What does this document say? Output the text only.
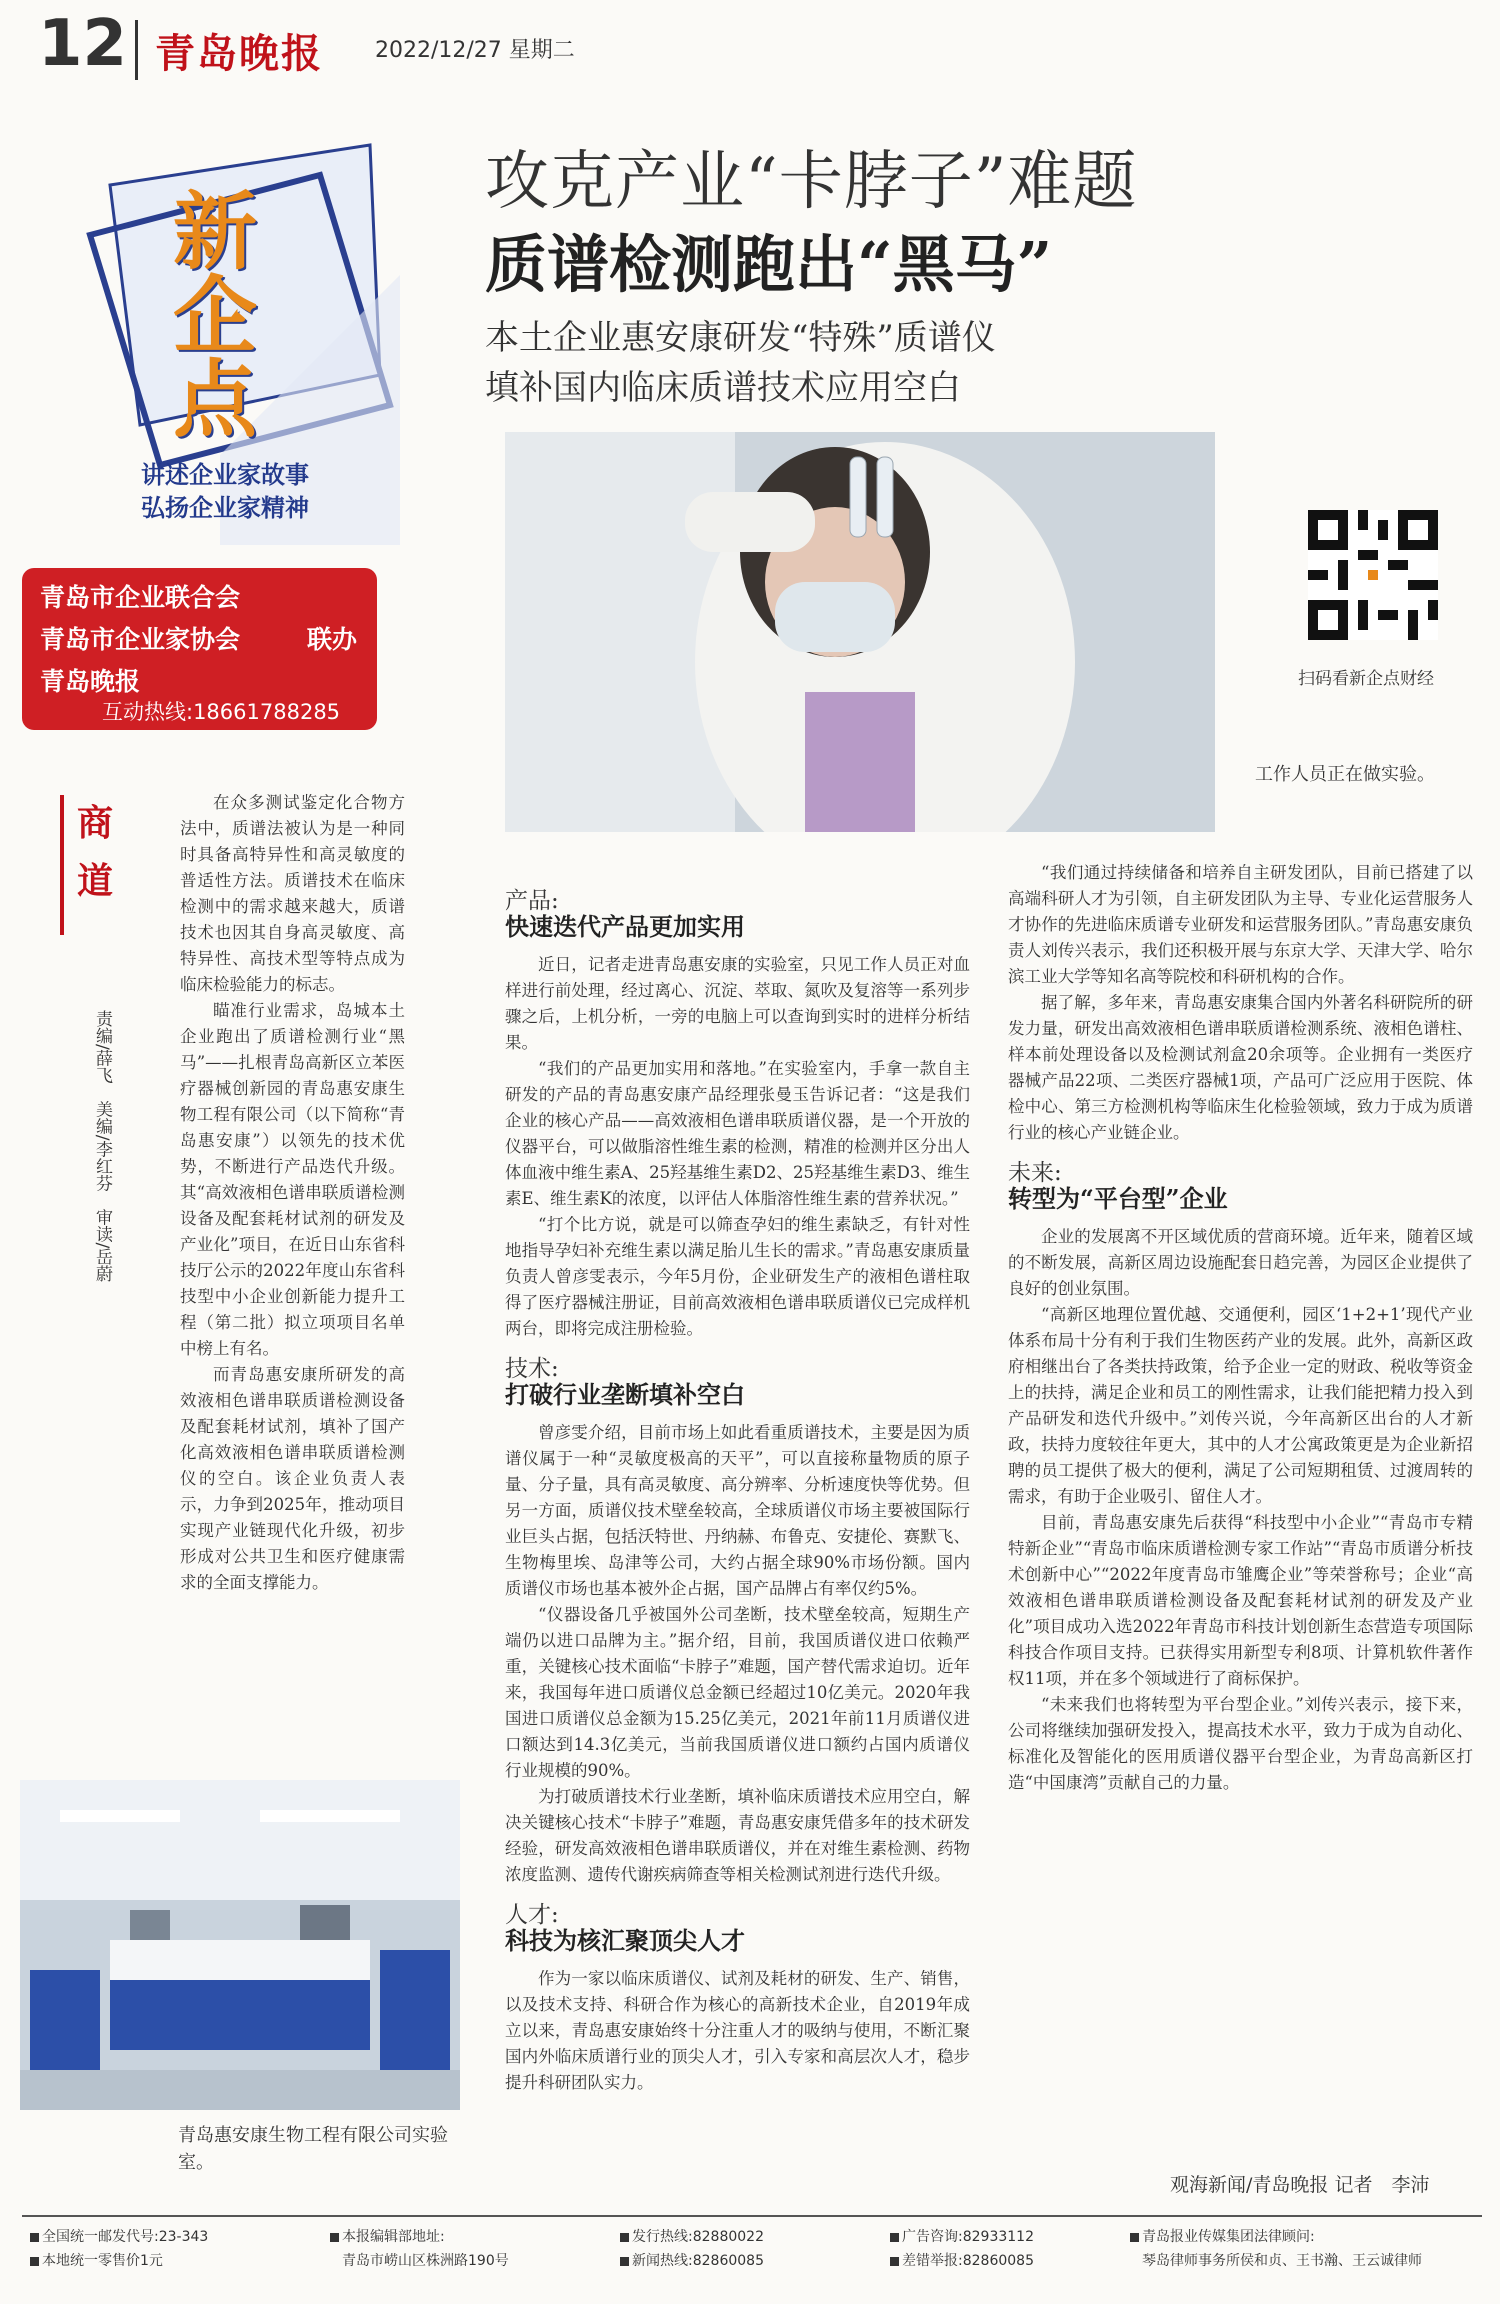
12 青岛晚报 2022/12/27 星期二
新企点
讲述企业家故事
弘扬企业家精神
青岛市企业联合会
青岛市企业家协会
青岛晚报
联办
互动热线:18661788285
商
道
责编/薛飞　美编/李红芬　审读/岳蔚

在众多测试鉴定化合物方法中，质谱法被认为是一种同时具备高特异性和高灵敏度的普适性方法。质谱技术在临床检测中的需求越来越大，质谱技术也因其自身高灵敏度、高特异性、高技术型等特点成为临床检验能力的标志。

瞄准行业需求，岛城本土企业跑出了质谱检测行业“黑马”——扎根青岛高新区立苯医疗器械创新园的青岛惠安康生物工程有限公司（以下简称“青岛惠安康”）以领先的技术优势，不断进行产品迭代升级。其“高效液相色谱串联质谱检测设备及配套耗材试剂的研发及产业化”项目，在近日山东省科技厅公示的2022年度山东省科技型中小企业创新能力提升工程（第二批）拟立项项目名单中榜上有名。

而青岛惠安康所研发的高效液相色谱串联质谱检测设备及配套耗材试剂，填补了国产化高效液相色谱串联质谱检测仪的空白。该企业负责人表示，力争到2025年，推动项目实现产业链现代化升级，初步形成对公共卫生和医疗健康需求的全面支撑能力。

青岛惠安康生物工程有限公司实验室。
攻克产业“卡脖子”难题
质谱检测跑出“黑马”
本土企业惠安康研发“特殊”质谱仪
填补国内临床质谱技术应用空白
工作人员正在做实验。
扫码看新企点财经
产品:
快速迭代产品更加实用

近日，记者走进青岛惠安康的实验室，只见工作人员正对血样进行前处理，经过离心、沉淀、萃取、氮吹及复溶等一系列步骤之后，上机分析，一旁的电脑上可以查询到实时的进样分析结果。

“我们的产品更加实用和落地。”在实验室内，手拿一款自主研发的产品的青岛惠安康产品经理张曼玉告诉记者：“这是我们企业的核心产品——高效液相色谱串联质谱仪器，是一个开放的仪器平台，可以做脂溶性维生素的检测，精准的检测并区分出人体血液中维生素A、25羟基维生素D2、25羟基维生素D3、维生素E、维生素K的浓度，以评估人体脂溶性维生素的营养状况。”

“打个比方说，就是可以筛查孕妇的维生素缺乏，有针对性地指导孕妇补充维生素以满足胎儿生长的需求。”青岛惠安康质量负责人曾彦雯表示，今年5月份，企业研发生产的液相色谱柱取得了医疗器械注册证，目前高效液相色谱串联质谱仪已完成样机两台，即将完成注册检验。

技术:
打破行业垄断填补空白

曾彦雯介绍，目前市场上如此看重质谱技术，主要是因为质谱仪属于一种“灵敏度极高的天平”，可以直接称量物质的原子量、分子量，具有高灵敏度、高分辨率、分析速度快等优势。但另一方面，质谱仪技术壁垒较高，全球质谱仪市场主要被国际行业巨头占据，包括沃特世、丹纳赫、布鲁克、安捷伦、赛默飞、生物梅里埃、岛津等公司，大约占据全球90%市场份额。国内质谱仪市场也基本被外企占据，国产品牌占有率仅约5%。

“仪器设备几乎被国外公司垄断，技术壁垒较高，短期生产端仍以进口品牌为主。”据介绍，目前，我国质谱仪进口依赖严重，关键核心技术面临“卡脖子”难题，国产替代需求迫切。近年来，我国每年进口质谱仪总金额已经超过10亿美元。2020年我国进口质谱仪总金额为15.25亿美元，2021年前11月质谱仪进口额达到14.3亿美元，当前我国质谱仪进口额约占国内质谱仪行业规模的90%。

为打破质谱技术行业垄断，填补临床质谱技术应用空白，解决关键核心技术“卡脖子”难题，青岛惠安康凭借多年的技术研发经验，研发高效液相色谱串联质谱仪，并在对维生素检测、药物浓度监测、遗传代谢疾病筛查等相关检测试剂进行迭代升级。

人才:
科技为核汇聚顶尖人才

作为一家以临床质谱仪、试剂及耗材的研发、生产、销售，以及技术支持、科研合作为核心的高新技术企业，自2019年成立以来，青岛惠安康始终十分注重人才的吸纳与使用，不断汇聚国内外临床质谱行业的顶尖人才，引入专家和高层次人才，稳步提升科研团队实力。

“我们通过持续储备和培养自主研发团队，目前已搭建了以高端科研人才为引领，自主研发团队为主导、专业化运营服务人才协作的先进临床质谱专业研发和运营服务团队。”青岛惠安康负责人刘传兴表示，我们还积极开展与东京大学、天津大学、哈尔滨工业大学等知名高等院校和科研机构的合作。

据了解，多年来，青岛惠安康集合国内外著名科研院所的研发力量，研发出高效液相色谱串联质谱检测系统、液相色谱柱、样本前处理设备以及检测试剂盒20余项等。企业拥有一类医疗器械产品22项、二类医疗器械1项，产品可广泛应用于医院、体检中心、第三方检测机构等临床生化检验领域，致力于成为质谱行业的核心产业链企业。

未来:
转型为“平台型”企业

企业的发展离不开区域优质的营商环境。近年来，随着区域的不断发展，高新区周边设施配套日趋完善，为园区企业提供了良好的创业氛围。

“高新区地理位置优越、交通便利，园区‘1+2+1’现代产业体系布局十分有利于我们生物医药产业的发展。此外，高新区政府相继出台了各类扶持政策，给予企业一定的财政、税收等资金上的扶持，满足企业和员工的刚性需求，让我们能把精力投入到产品研发和迭代升级中。”刘传兴说，今年高新区出台的人才新政，扶持力度较往年更大，其中的人才公寓政策更是为企业新招聘的员工提供了极大的便利，满足了公司短期租赁、过渡周转的需求，有助于企业吸引、留住人才。

目前，青岛惠安康先后获得“科技型中小企业”“青岛市专精特新企业”“青岛市临床质谱检测专家工作站”“青岛市质谱分析技术创新中心”“2022年度青岛市雏鹰企业”等荣誉称号；企业“高效液相色谱串联质谱检测设备及配套耗材试剂的研发及产业化”项目成功入选2022年青岛市科技计划创新生态营造专项国际科技合作项目支持。已获得实用新型专利8项、计算机软件著作权11项，并在多个领域进行了商标保护。

“未来我们也将转型为平台型企业。”刘传兴表示，接下来，公司将继续加强研发投入，提高技术水平，致力于成为自动化、标准化及智能化的医用质谱仪器平台型企业，为青岛高新区打造“中国康湾”贡献自己的力量。

观海新闻/青岛晚报 记者　李沛
全国统一邮发代号:23-343
本地统一零售价1元
本报编辑部地址:
青岛市崂山区株洲路190号
发行热线:82880022
新闻热线:82860085
广告咨询:82933112
差错举报:82860085
青岛报业传媒集团法律顾问:
琴岛律师事务所侯和贞、王书瀚、王云诚律师
